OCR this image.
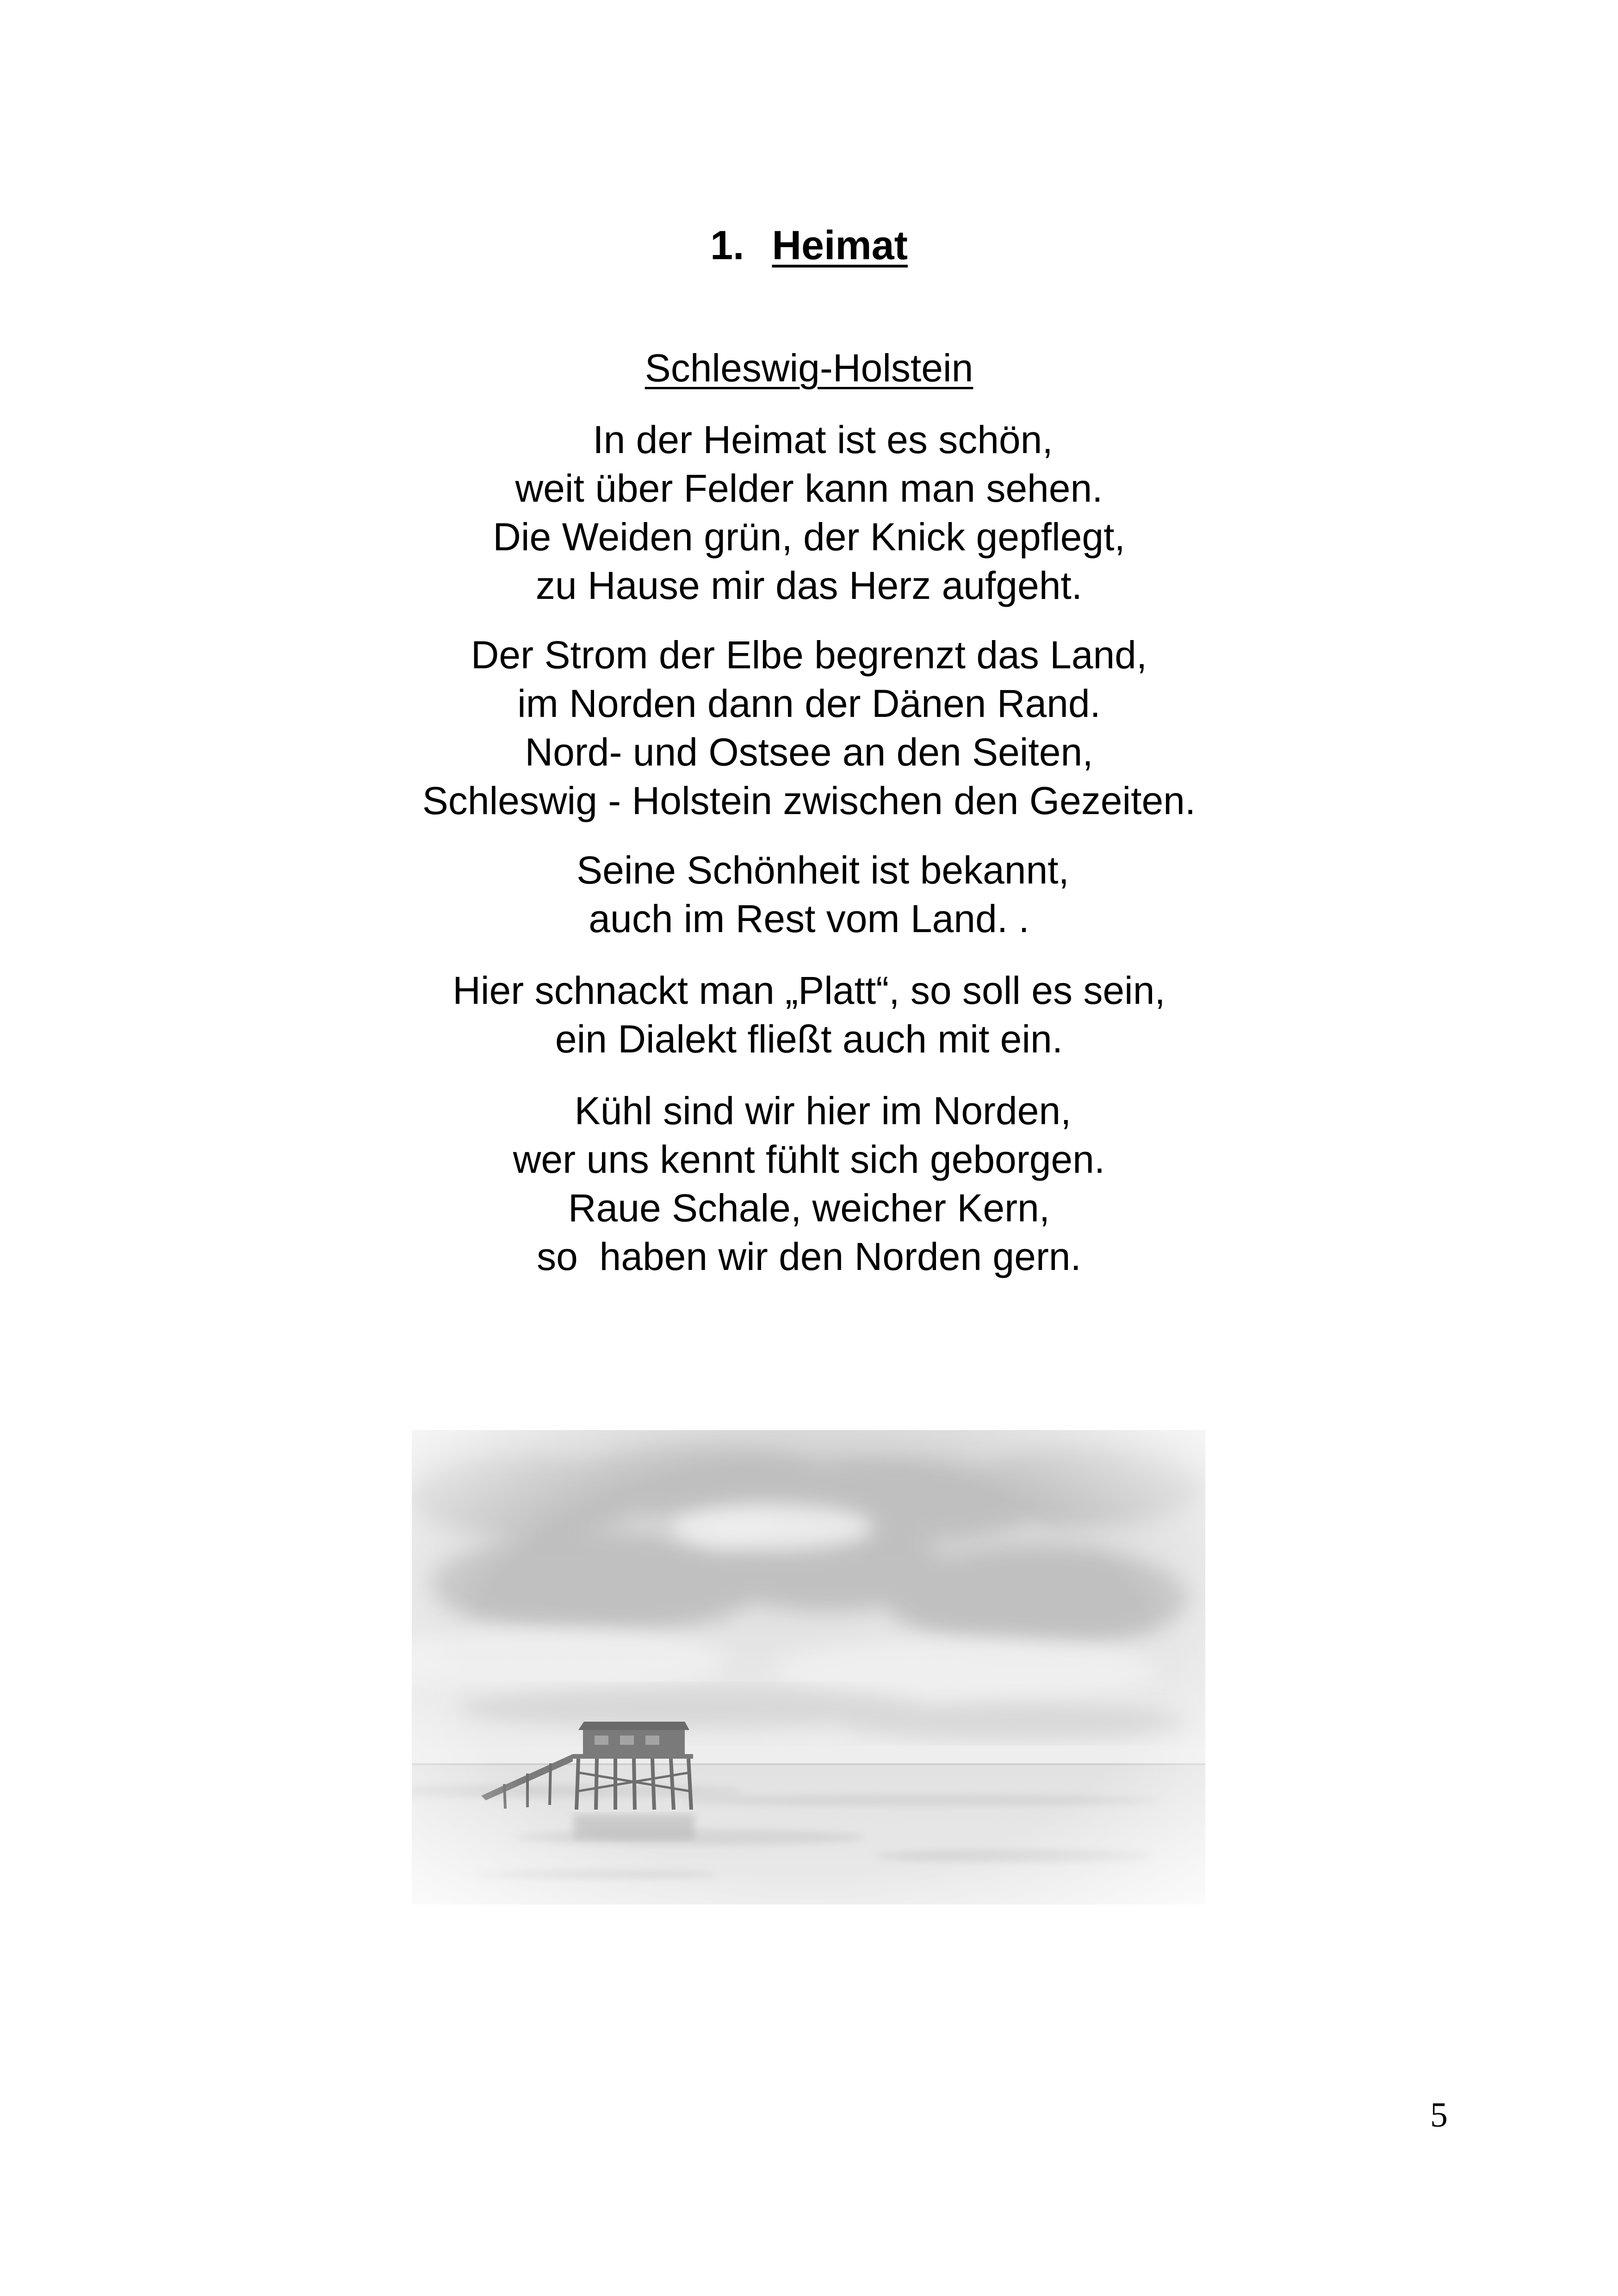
1. Heimat
Schleswig-Holstein
In der Heimat ist es schön,
weit über Felder kann man sehen.
Die Weiden grün, der Knick gepflegt,
zu Hause mir das Herz aufgeht.
Der Strom der Elbe begrenzt das Land,
im Norden dann der Dänen Rand.
Nord- und Ostsee an den Seiten,
Schleswig - Holstein zwischen den Gezeiten.
Seine Schönheit ist bekannt,
auch im Rest vom Land. .
Hier schnackt man „Platt“, so soll es sein,
ein Dialekt fließt auch mit ein.
Kühl sind wir hier im Norden,
wer uns kennt fühlt sich geborgen.
Raue Schale, weicher Kern,
so  haben wir den Norden gern.
5
